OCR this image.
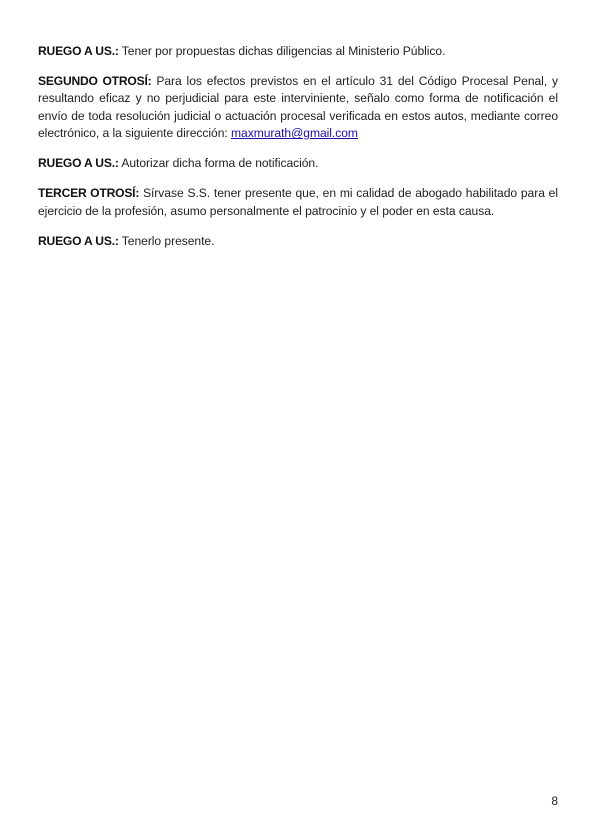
RUEGO A US.: Tener por propuestas dichas diligencias al Ministerio Público.

SEGUNDO OTROSÍ: Para los efectos previstos en el artículo 31 del Código Procesal Penal, y resultando eficaz y no perjudicial para este interviniente, señalo como forma de notificación el envío de toda resolución judicial o actuación procesal verificada en estos autos, mediante correo electrónico, a la siguiente dirección: maxmurath@gmail.com

RUEGO A US.: Autorizar dicha forma de notificación.

TERCER OTROSÍ: Sírvase S.S. tener presente que, en mi calidad de abogado habilitado para el ejercicio de la profesión, asumo personalmente el patrocinio y el poder en esta causa.

RUEGO A US.: Tenerlo presente.

8
